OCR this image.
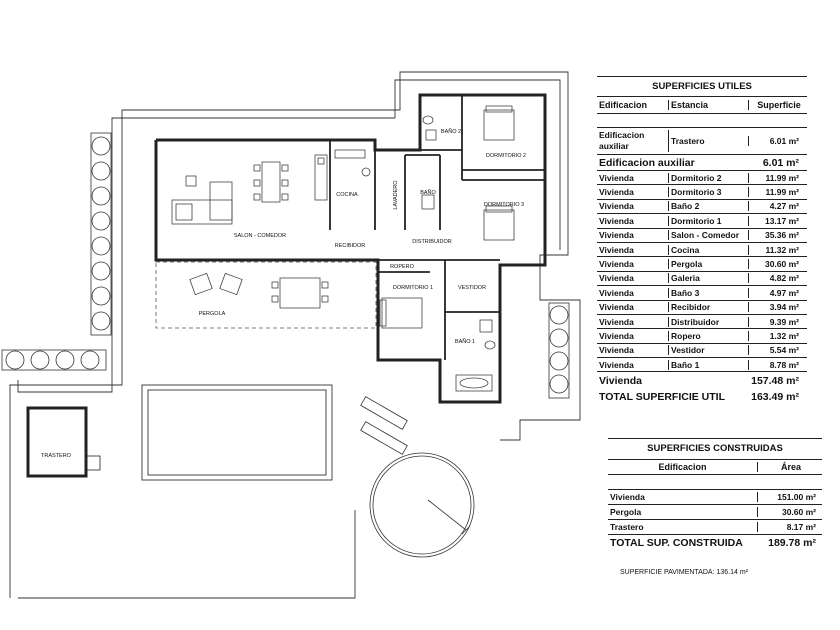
BAÑO 2
DORMITORIO 2
DORMITORIO 3
COCINA	LAVADERO	BAÑO
SALON - COMEDOR
RECIBIDOR
DISTRIBUIDOR
ROPERO
DORMITORIO 1	VESTIDOR
PERGOLA
BAÑO 1
TRASTERO
SUPERFICIES UTILES
Edificacion	Estancia	Superficie
Edificacion auxiliar	Trastero	6.01 m²
Edificacion auxiliar	6.01 m²
Vivienda	Dormitorio 2	11.99 m²
Vivienda	Dormitorio 3	11.99 m²
Vivienda	Baño 2	4.27 m²
Vivienda	Dormitorio 1	13.17 m²
Vivienda	Salon - Comedor	35.36 m²
Vivienda	Cocina	11.32 m²
Vivienda	Pergola	30.60 m²
Vivienda	Galeria	4.82 m²
Vivienda	Baño 3	4.97 m²
Vivienda	Recibidor	3.94 m²
Vivienda	Distribuidor	9.39 m²
Vivienda	Ropero	1.32 m²
Vivienda	Vestidor	5.54 m²
Vivienda	Baño 1	8.78 m²
Vivienda	157.48 m²
TOTAL SUPERFICIE UTIL	163.49 m²
SUPERFICIES CONSTRUIDAS
Edificacion	Área
Vivienda	151.00 m²
Pergola	30.60 m²
Trastero	8.17 m²
TOTAL SUP. CONSTRUIDA	189.78 m²
SUPERFICIE PAVIMENTADA: 136.14 m²
